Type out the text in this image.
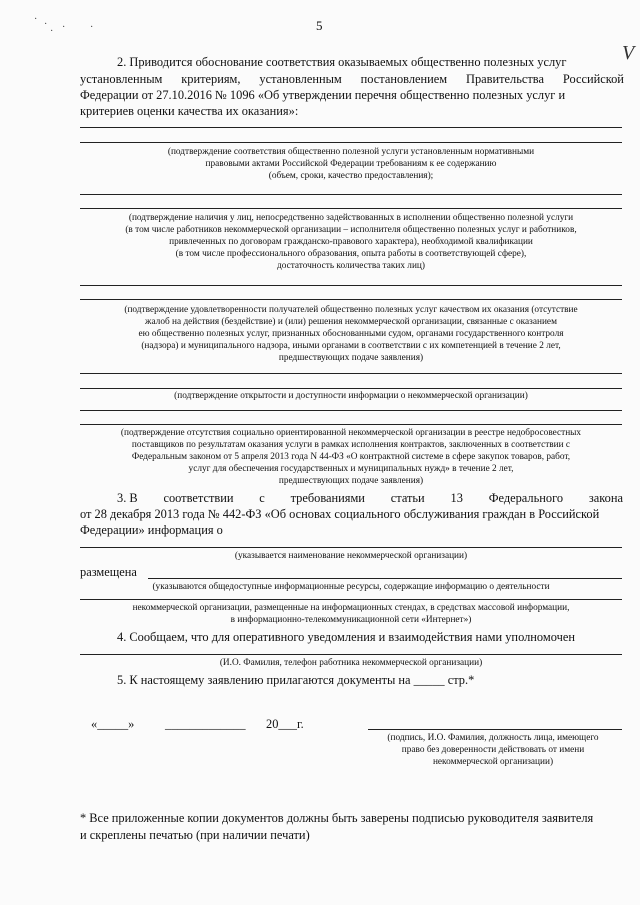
· ·
· · ·	5
V
2. Приводится обоснование соответствия оказываемых общественно полезных услуг
установленным критериям, установленным постановлением Правительства Российской
Федерации от 27.10.2016 № 1096 «Об утверждении перечня общественно полезных услуг и
критериев оценки качества их оказания»:
(подтверждение соответствия общественно полезной услуги установленным нормативными
правовыми актами Российской Федерации требованиям к ее содержанию
(объем, сроки, качество предоставления);
(подтверждение наличия у лиц, непосредственно задействованных в исполнении общественно полезной услуги
(в том числе работников некоммерческой организации – исполнителя общественно полезных услуг и работников,
привлеченных по договорам гражданско-правового характера), необходимой квалификации
(в том числе профессионального образования, опыта работы в соответствующей сфере),
достаточность количества таких лиц)
(подтверждение удовлетворенности получателей общественно полезных услуг качеством их оказания (отсутствие
жалоб на действия (бездействие) и (или) решения некоммерческой организации, связанные с оказанием
ею общественно полезных услуг, признанных обоснованными судом, органами государственного контроля
(надзора) и муниципального надзора, иными органами в соответствии с их компетенцией в течение 2 лет,
предшествующих подаче заявления)
(подтверждение открытости и доступности информации о некоммерческой организации)
(подтверждение отсутствия социально ориентированной некоммерческой организации в реестре недобросовестных
поставщиков по результатам оказания услуги в рамках исполнения контрактов, заключенных в соответствии с
Федеральным законом от 5 апреля 2013 года N 44-ФЗ «О контрактной системе в сфере закупок товаров, работ,
услуг для обеспечения государственных и муниципальных нужд» в течение 2 лет,
предшествующих подаче заявления)
3. В соответствии с требованиями статьи 13 Федерального закона
от 28 декабря 2013 года № 442-ФЗ «Об основах социального обслуживания граждан в Российской
Федерации» информация о
(указывается наименование некоммерческой организации)
размещена
(указываются общедоступные информационные ресурсы, содержащие информацию о деятельности
некоммерческой организации, размещенные на информационных стендах, в средствах массовой информации,
в информационно-телекоммуникационной сети «Интернет»)
4. Сообщаем, что для оперативного уведомления и взаимодействия нами уполномочен
(И.О. Фамилия, телефон работника некоммерческой организации)
5. К настоящему заявлению прилагаются документы на _____ стр.*
«_____» _____________ 20___г.
(подпись, И.О. Фамилия, должность лица, имеющего
право без доверенности действовать от имени
некоммерческой организации)
* Все приложенные копии документов должны быть заверены подписью руководителя заявителя
и скреплены печатью (при наличии печати)
